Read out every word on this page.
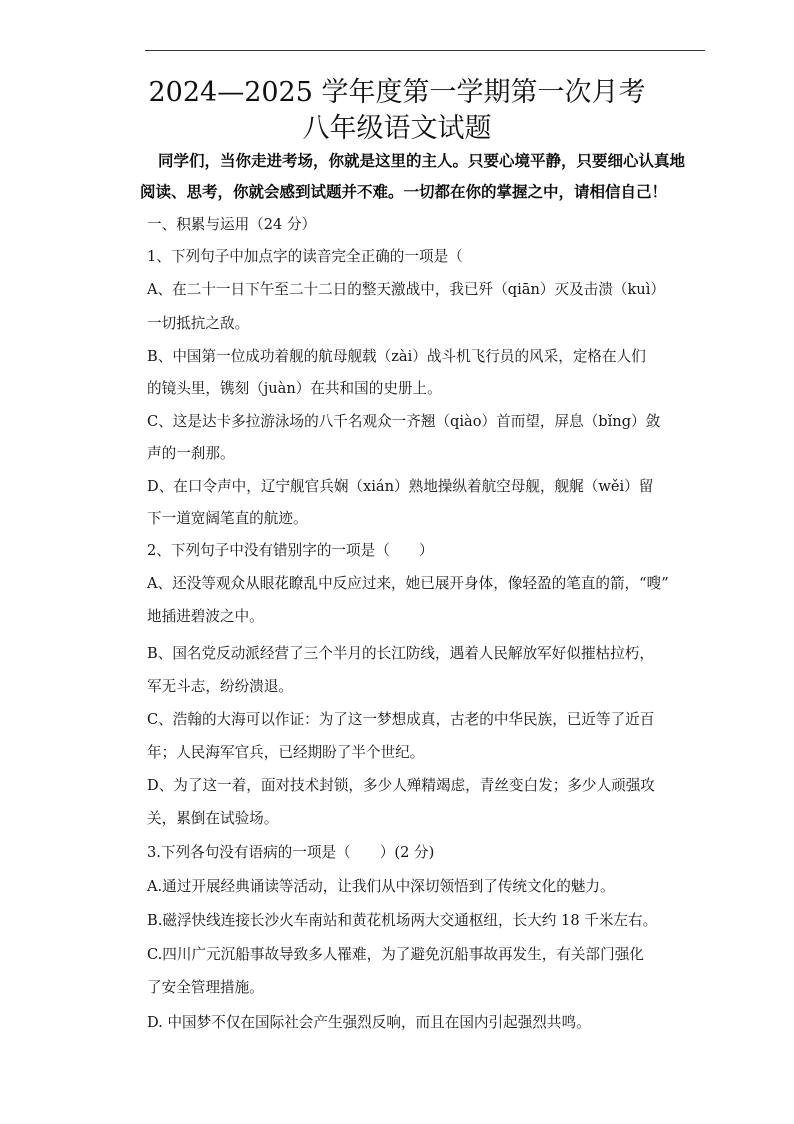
2024—2025 学年度第一学期第一次月考
八年级语文试题
同学们，当你走进考场，你就是这里的主人。只要心境平静，只要细心认真地
阅读、思考，你就会感到试题并不难。一切都在你的掌握之中，请相信自己！
一、积累与运用（24 分）
1、下列句子中加点字的读音完全正确的一项是（
A、在二十一日下午至二十二日的整天激战中，我已歼（qiān）灭及击溃（kuì）
一切抵抗之敌。
B、中国第一位成功着舰的航母舰载（zài）战斗机飞行员的风采，定格在人们
的镜头里，镌刻（juàn）在共和国的史册上。
C、这是达卡多拉游泳场的八千名观众一齐翘（qiào）首而望，屏息（bǐng）敛
声的一刹那。
D、在口令声中，辽宁舰官兵娴（xián）熟地操纵着航空母舰，舰艉（wěi）留
下一道宽阔笔直的航迹。
2、下列句子中没有错别字的一项是（　　）
A、还没等观众从眼花瞭乱中反应过来，她已展开身体，像轻盈的笔直的箭，“嗖”
地插进碧波之中。
B、国名党反动派经营了三个半月的长江防线，遇着人民解放军好似摧枯拉朽，
军无斗志，纷纷溃退。
C、浩翰的大海可以作证：为了这一梦想成真，古老的中华民族，已近等了近百
年；人民海军官兵，已经期盼了半个世纪。
D、为了这一着，面对技术封锁，多少人殚精竭虑，青丝变白发；多少人顽强攻
关，累倒在试验场。
3.下列各句没有语病的一项是（　　）(2 分)
A.通过开展经典诵读等活动，让我们从中深切领悟到了传统文化的魅力。
B.磁浮快线连接长沙火车南站和黄花机场两大交通枢纽，长大约 18 千米左右。
C.四川广元沉船事故导致多人罹难，为了避免沉船事故再发生，有关部门强化
了安全管理措施。
D. 中国梦不仅在国际社会产生强烈反响，而且在国内引起强烈共鸣。
